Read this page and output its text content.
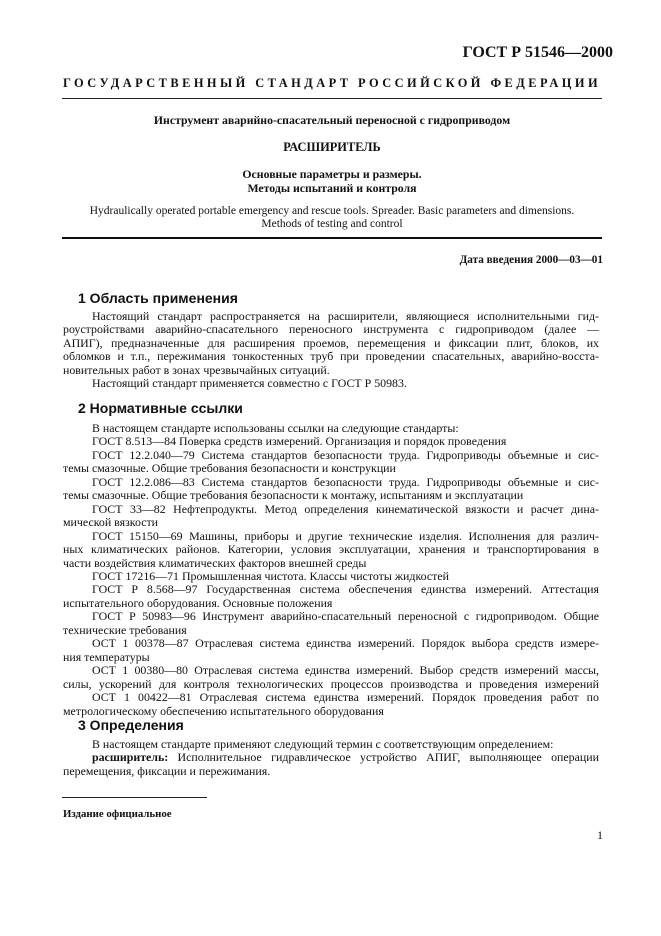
ГОСТ Р 51546—2000
ГОСУДАРСТВЕННЫЙ СТАНДАРТ РОССИЙСКОЙ ФЕДЕРАЦИИ
Инструмент аварийно-спасательный переносной с гидроприводом
РАСШИРИТЕЛЬ
Основные параметры и размеры.
Методы испытаний и контроля
Hydraulically operated portable emergency and rescue tools. Spreader. Basic parameters and dimensions.
Methods of testing and control
Дата введения 2000—03—01
1 Область применения

Настоящий стандарт распространяется на расширители, являющиеся исполнительными гид-

роустройствами аварийно-спасательного переносного инструмента с гидроприводом (далее —

АПИГ), предназначенные для расширения проемов, перемещения и фиксации плит, блоков, их

обломков и т.п., пережимания тонкостенных труб при проведении спасательных, аварийно-восста-

новительных работ в зонах чрезвычайных ситуаций.

Настоящий стандарт применяется совместно с ГОСТ Р 50983.

2 Нормативные ссылки

В настоящем стандарте использованы ссылки на следующие стандарты:

ГОСТ 8.513—84 Поверка средств измерений. Организация и порядок проведения

ГОСТ 12.2.040—79 Система стандартов безопасности труда. Гидроприводы объемные и сис-

темы смазочные. Общие требования безопасности и конструкции

ГОСТ 12.2.086—83 Система стандартов безопасности труда. Гидроприводы объемные и сис-

темы смазочные. Общие требования безопасности к монтажу, испытаниям и эксплуатации

ГОСТ 33—82 Нефтепродукты. Метод определения кинематической вязкости и расчет дина-

мической вязкости

ГОСТ 15150—69 Машины, приборы и другие технические изделия. Исполнения для различ-

ных климатических районов. Категории, условия эксплуатации, хранения и транспортирования в

части воздействия климатических факторов внешней среды

ГОСТ 17216—71 Промышленная чистота. Классы чистоты жидкостей

ГОСТ Р 8.568—97 Государственная система обеспечения единства измерений. Аттестация

испытательного оборудования. Основные положения

ГОСТ Р 50983—96 Инструмент аварийно-спасательный переносной с гидроприводом. Общие

технические требования

ОСТ 1 00378—87 Отраслевая система единства измерений. Порядок выбора средств измере-

ния температуры

ОСТ 1 00380—80 Отраслевая система единства измерений. Выбор средств измерений массы,

силы, ускорений для контроля технологических процессов производства и проведения измерений

ОСТ 1 00422—81 Отраслевая система единства измерений. Порядок проведения работ по

метрологическому обеспечению испытательного оборудования

3 Определения

В настоящем стандарте применяют следующий термин с соответствующим определением:

расширитель: Исполнительное гидравлическое устройство АПИГ, выполняющее операции

перемещения, фиксации и пережимания.

Издание официальное
1
